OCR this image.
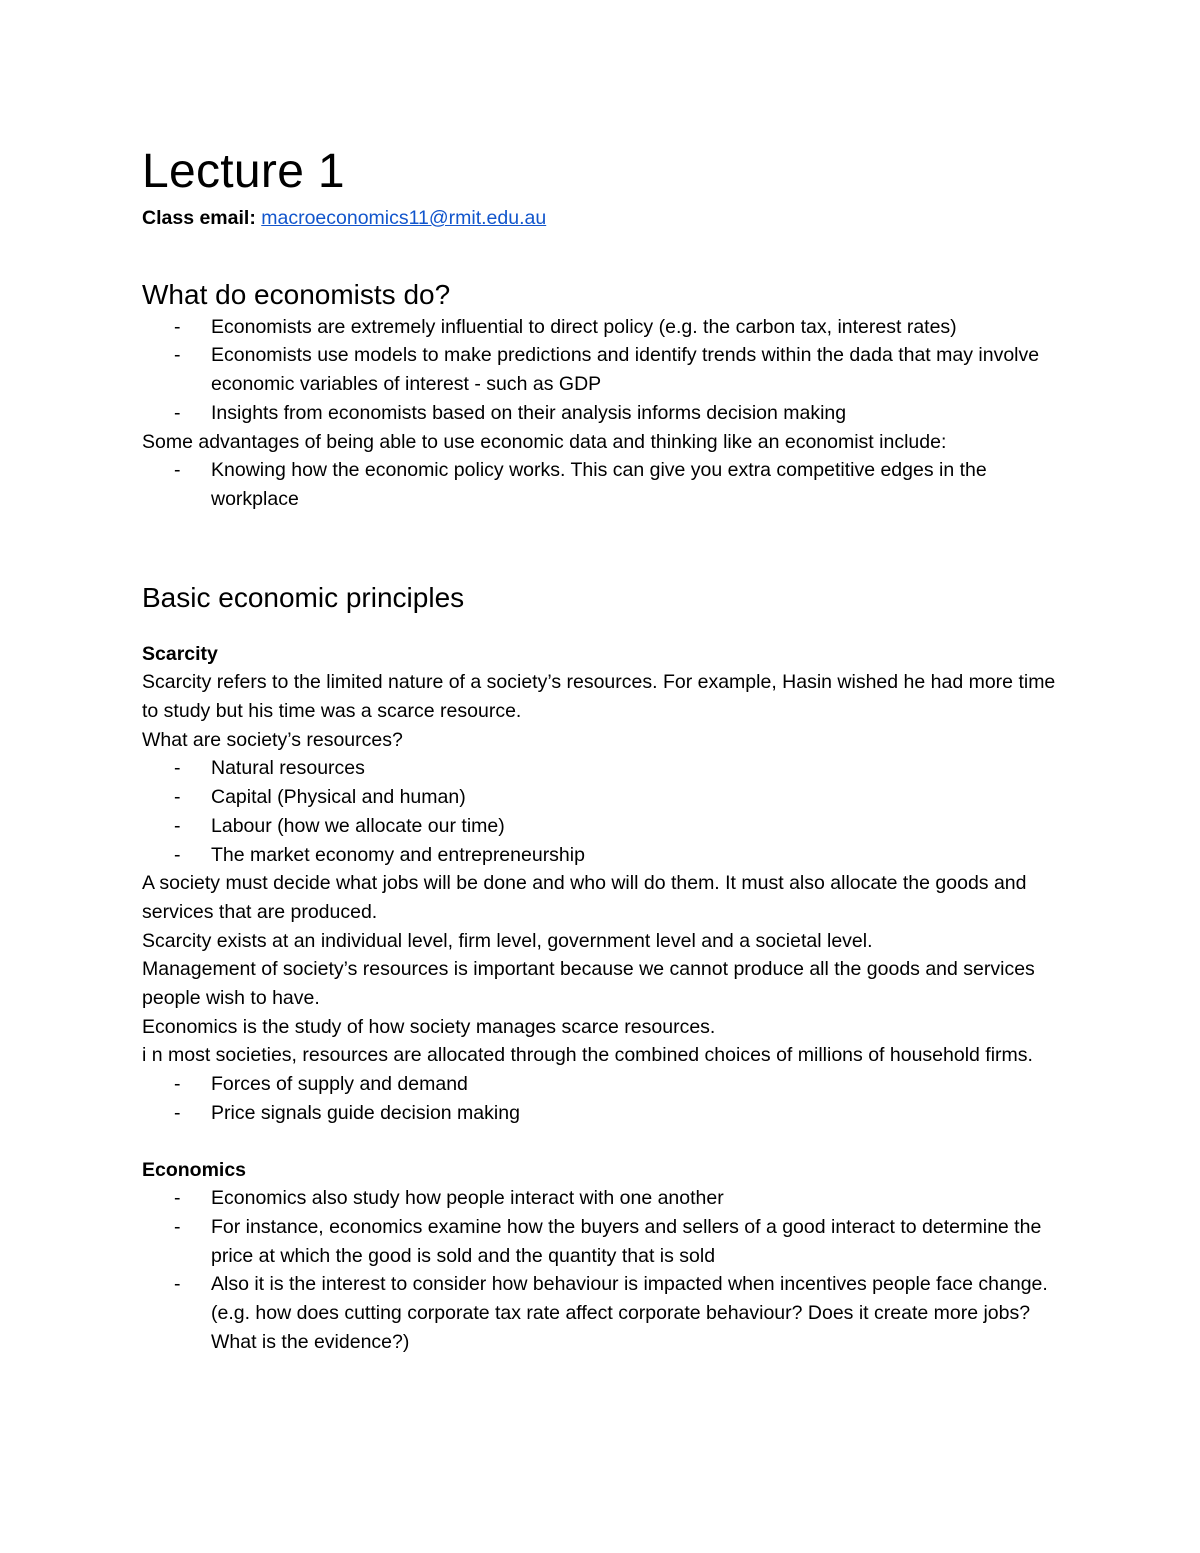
Lecture 1

Class email: macroeconomics11@rmit.edu.au

What do economists do?
- Economists are extremely influential to direct policy (e.g. the carbon tax, interest rates)
- Economists use models to make predictions and identify trends within the dada that may involve economic variables of interest - such as GDP
- Insights from economists based on their analysis informs decision making

Some advantages of being able to use economic data and thinking like an economist include:

- Knowing how the economic policy works. This can give you extra competitive edges in the workplace
Basic economic principles
Scarcity

Scarcity refers to the limited nature of a society’s resources. For example, Hasin wished he had more time to study but his time was a scarce resource.

What are society’s resources?

- Natural resources
- Capital (Physical and human)
- Labour (how we allocate our time)
- The market economy and entrepreneurship

A society must decide what jobs will be done and who will do them. It must also allocate the goods and services that are produced.

Scarcity exists at an individual level, firm level, government level and a societal level.

Management of society’s resources is important because we cannot produce all the goods and services people wish to have.

Economics is the study of how society manages scarce resources.

i n most societies, resources are allocated through the combined choices of millions of household firms.

- Forces of supply and demand
- Price signals guide decision making
Economics
- Economics also study how people interact with one another
- For instance, economics examine how the buyers and sellers of a good interact to determine the price at which the good is sold and the quantity that is sold
- Also it is the interest to consider how behaviour is impacted when incentives people face change. (e.g. how does cutting corporate tax rate affect corporate behaviour? Does it create more jobs? What is the evidence?)
